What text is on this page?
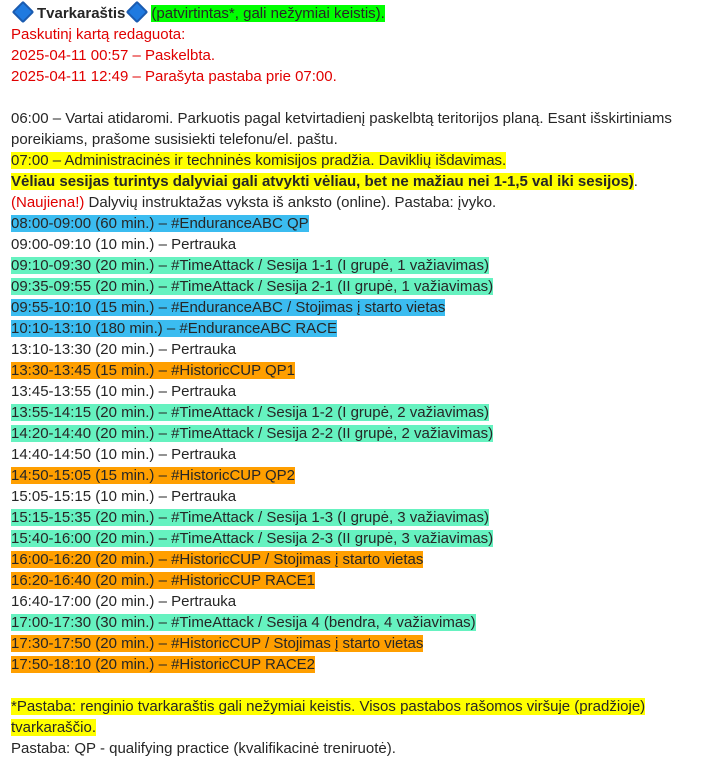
Tvarkaraštis (patvirtintas*, gali nežymiai keistis).
Paskutinį kartą redaguota:
2025-04-11 00:57 – Paskelbta.
2025-04-11 12:49 – Parašyta pastaba prie 07:00.
06:00 – Vartai atidaromi. Parkuotis pagal ketvirtadienį paskelbtą teritorijos planą. Esant išskirtiniams
poreikiams, prašome susisiekti telefonu/el. paštu.
07:00 – Administracinės ir techninės komisijos pradžia. Daviklių išdavimas.
Vėliau sesijas turintys dalyviai gali atvykti vėliau, bet ne mažiau nei 1-1,5 val iki sesijos).
(Naujiena!) Dalyvių instruktažas vyksta iš anksto (online). Pastaba: įvyko.
08:00-09:00 (60 min.) – #EnduranceABC QP
09:00-09:10 (10 min.) – Pertrauka
09:10-09:30 (20 min.) – #TimeAttack / Sesija 1-1 (I grupė, 1 važiavimas)
09:35-09:55 (20 min.) – #TimeAttack / Sesija 2-1 (II grupė, 1 važiavimas)
09:55-10:10 (15 min.) – #EnduranceABC / Stojimas į starto vietas
10:10-13:10 (180 min.) – #EnduranceABC RACE
13:10-13:30 (20 min.) – Pertrauka
13:30-13:45 (15 min.) – #HistoricCUP QP1
13:45-13:55 (10 min.) – Pertrauka
13:55-14:15 (20 min.) – #TimeAttack / Sesija 1-2 (I grupė, 2 važiavimas)
14:20-14:40 (20 min.) – #TimeAttack / Sesija 2-2 (II grupė, 2 važiavimas)
14:40-14:50 (10 min.) – Pertrauka
14:50-15:05 (15 min.) – #HistoricCUP QP2
15:05-15:15 (10 min.) – Pertrauka
15:15-15:35 (20 min.) – #TimeAttack / Sesija 1-3 (I grupė, 3 važiavimas)
15:40-16:00 (20 min.) – #TimeAttack / Sesija 2-3 (II grupė, 3 važiavimas)
16:00-16:20 (20 min.) – #HistoricCUP / Stojimas į starto vietas
16:20-16:40 (20 min.) – #HistoricCUP RACE1
16:40-17:00 (20 min.) – Pertrauka
17:00-17:30 (30 min.) – #TimeAttack / Sesija 4 (bendra, 4 važiavimas)
17:30-17:50 (20 min.) – #HistoricCUP / Stojimas į starto vietas
17:50-18:10 (20 min.) – #HistoricCUP RACE2
*Pastaba: renginio tvarkaraštis gali nežymiai keistis. Visos pastabos rašomos viršuje (pradžioje) tvarkaraščio.
Pastaba: QP - qualifying practice (kvalifikacinė treniruotė).
